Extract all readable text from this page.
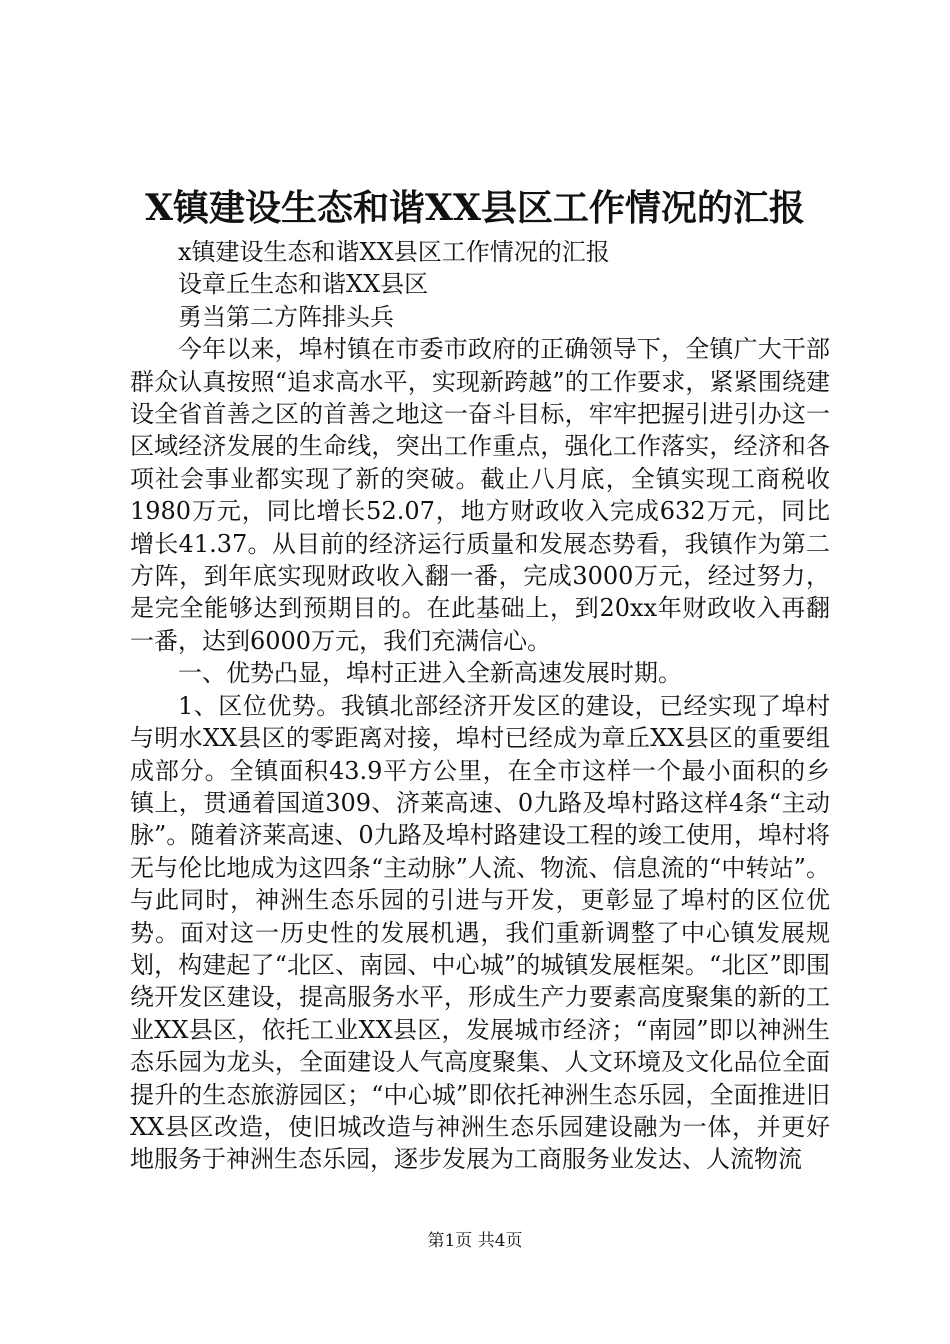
X镇建设生态和谐XX县区工作情况的汇报

x镇建设生态和谐XX县区工作情况的汇报

设章丘生态和谐XX县区

勇当第二方阵排头兵

今年以来，埠村镇在市委市政府的正确领导下，全镇广大干部群众认真按照“追求高水平，实现新跨越”的工作要求，紧紧围绕建设全省首善之区的首善之地这一奋斗目标，牢牢把握引进引办这一区域经济发展的生命线，突出工作重点，强化工作落实，经济和各项社会事业都实现了新的突破。截止八月底，全镇实现工商税收1980万元，同比增长52.07，地方财政收入完成632万元，同比增长41.37。从目前的经济运行质量和发展态势看，我镇作为第二方阵，到年底实现财政收入翻一番，完成3000万元，经过努力，是完全能够达到预期目的。在此基础上，到20xx年财政收入再翻一番，达到6000万元，我们充满信心。

一、优势凸显，埠村正进入全新高速发展时期。

1、区位优势。我镇北部经济开发区的建设，已经实现了埠村与明水XX县区的零距离对接，埠村已经成为章丘XX县区的重要组成部分。全镇面积43.9平方公里，在全市这样一个最小面积的乡镇上，贯通着国道309、济莱高速、0九路及埠村路这样4条“主动脉”。随着济莱高速、0九路及埠村路建设工程的竣工使用，埠村将无与伦比地成为这四条“主动脉”人流、物流、信息流的“中转站”。与此同时，神洲生态乐园的引进与开发，更彰显了埠村的区位优势。面对这一历史性的发展机遇，我们重新调整了中心镇发展规划，构建起了“北区、南园、中心城”的城镇发展框架。“北区”即围绕开发区建设，提高服务水平，形成生产力要素高度聚集的新的工业XX县区，依托工业XX县区，发展城市经济；“南园”即以神洲生态乐园为龙头，全面建设人气高度聚集、人文环境及文化品位全面提升的生态旅游园区；“中心城”即依托神洲生态乐园，全面推进旧XX县区改造，使旧城改造与神洲生态乐园建设融为一体，并更好地服务于神洲生态乐园，逐步发展为工商服务业发达、人流物流

第1页 共4页
